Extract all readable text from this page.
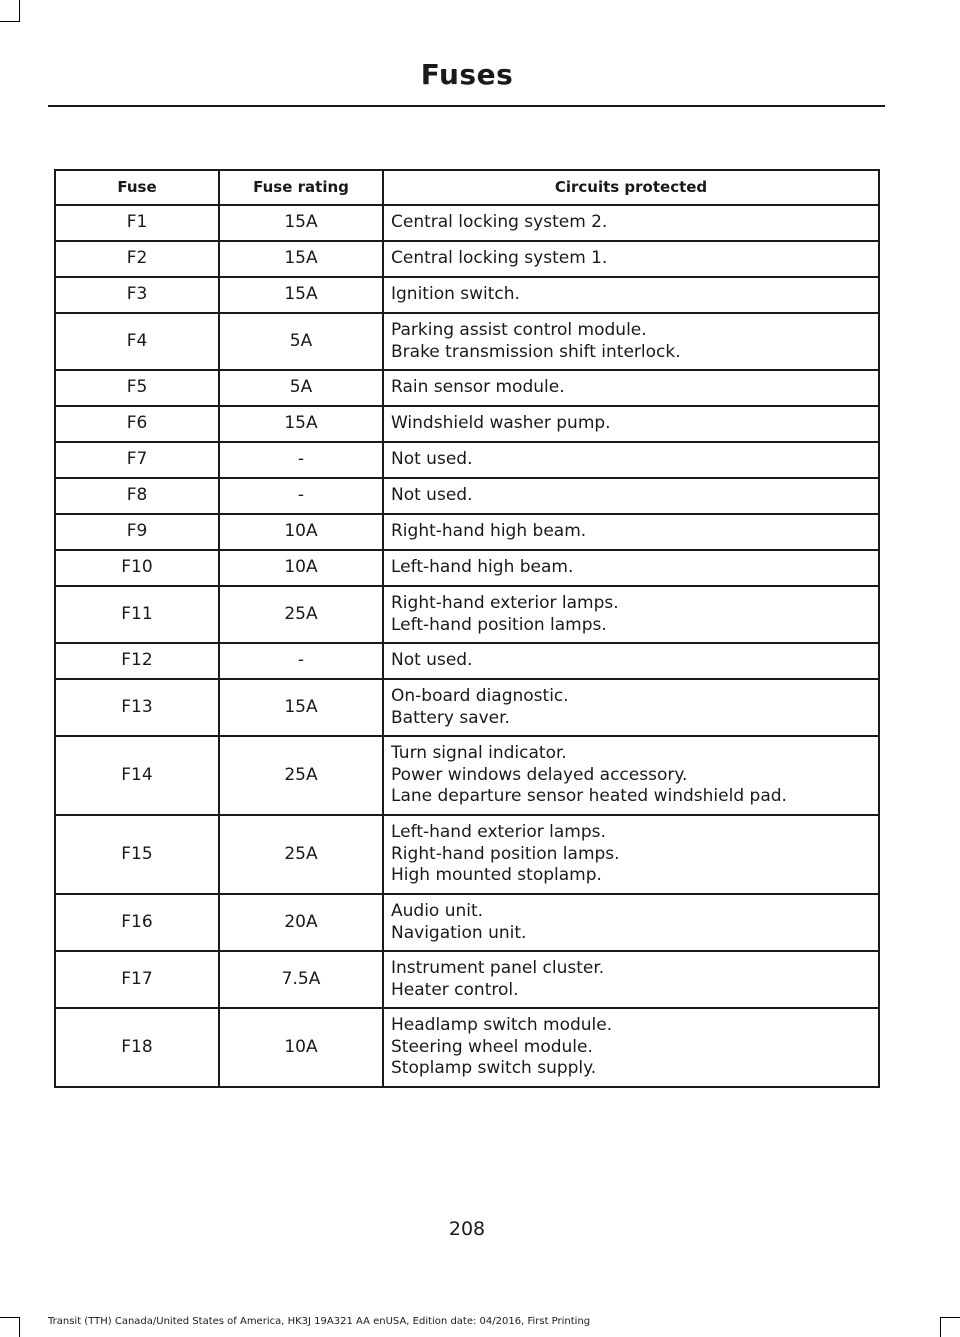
Fuses
Fuse	Fuse rating	Circuits protected
F1	15A	Central locking system 2.

F2	15A	Central locking system 1.

F3	15A	Ignition switch.

F4	5A	Parking assist control module.
Brake transmission shift interlock.

F5	5A	Rain sensor module.

F6	15A	Windshield washer pump.

F7	-	Not used.

F8	-	Not used.

F9	10A	Right-hand high beam.

F10	10A	Left-hand high beam.

F11	25A	Right-hand exterior lamps.
Left-hand position lamps.

F12	-	Not used.

F13	15A	On-board diagnostic.
Battery saver.

F14	25A	Turn signal indicator.
Power windows delayed accessory.
Lane departure sensor heated windshield pad.

F15	25A	Left-hand exterior lamps.
Right-hand position lamps.
High mounted stoplamp.

F16	20A	Audio unit.
Navigation unit.

F17	7.5A	Instrument panel cluster.
Heater control.

F18	10A	Headlamp switch module.
Steering wheel module.
Stoplamp switch supply.
208
Transit (TTH) Canada/United States of America, HK3J 19A321 AA enUSA, Edition date: 04/2016, First Printing
